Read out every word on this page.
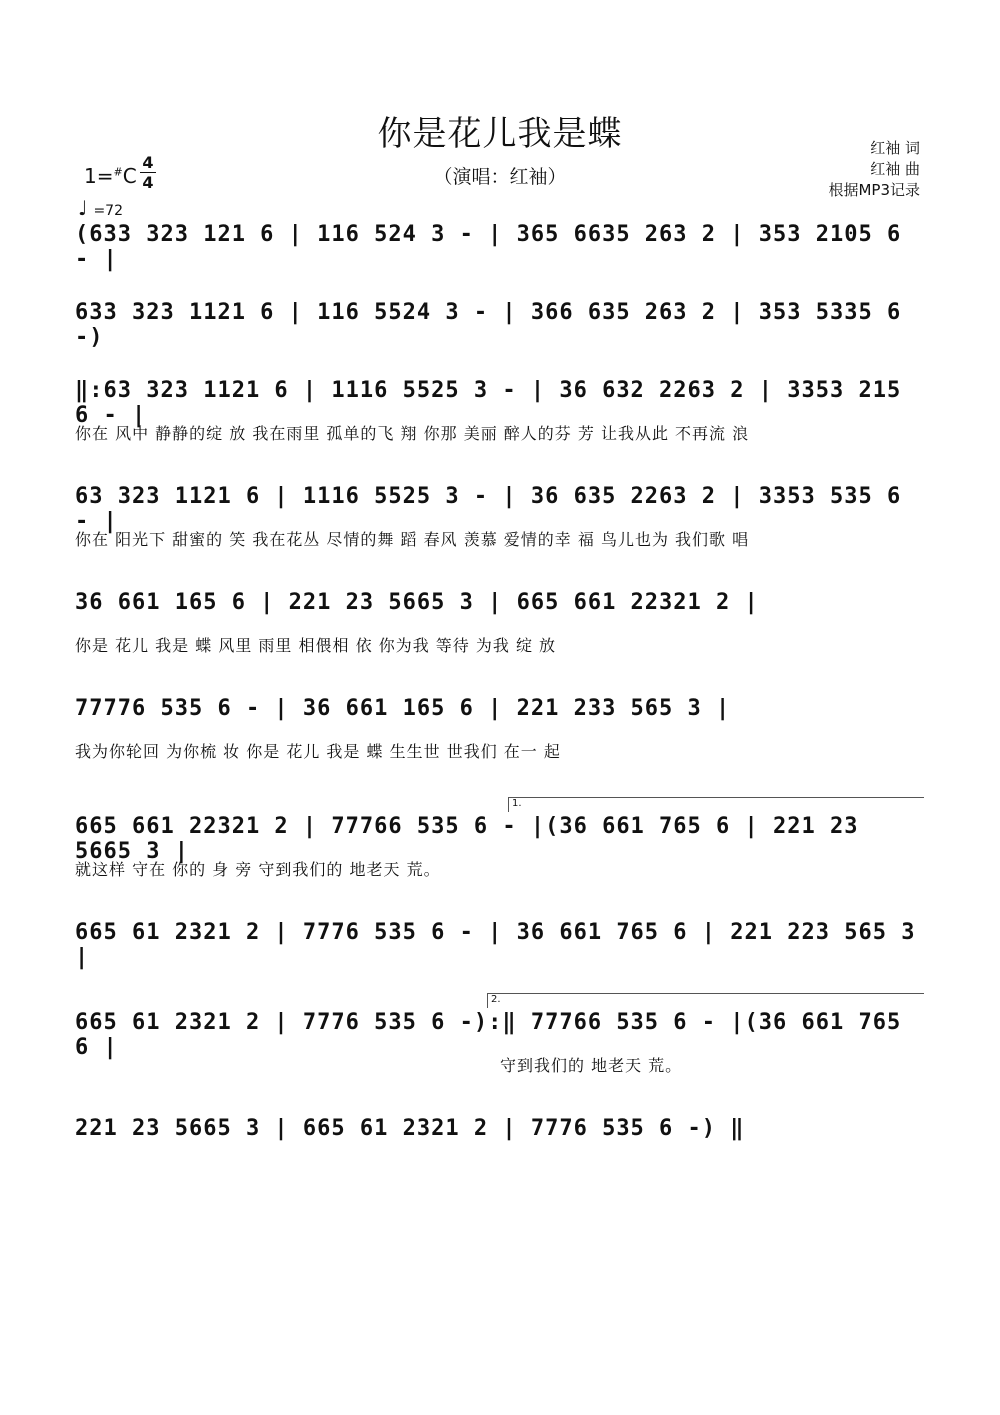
你是花儿我是蝶
（演唱：红袖）
红袖 词
红袖 曲
根据MP3记录
1=#C
4
4
♩ =72
(633 323 121 6 | 116 524 3 - | 365 6635 263 2 | 353 2105 6 - |
633 323 1121 6 | 116 5524 3 - | 366 635 263 2 | 353 5335 6 -)
‖:63 323 1121 6 | 1116 5525 3 - | 36 632 2263 2 | 3353 215 6 - |
你在 风中 静静的绽 放 我在雨里 孤单的飞 翔 你那 美丽 醉人的芬 芳 让我从此 不再流 浪
63 323 1121 6 | 1116 5525 3 - | 36 635 2263 2 | 3353 535 6 - |
你在 阳光下 甜蜜的 笑 我在花丛 尽情的舞 蹈 春风 羡慕 爱情的幸 福 鸟儿也为 我们歌 唱
36 661 165 6 | 221 23 5665 3 | 665 661 22321 2 |
你是 花儿 我是 蝶 风里 雨里 相偎相 依 你为我 等待 为我 绽 放
77776 535 6 - | 36 661 165 6 | 221 233 565 3 |
我为你轮回 为你梳 妆 你是 花儿 我是 蝶 生生世 世我们 在一 起
1.
665 661 22321 2 | 77766 535 6 - |(36 661 765 6 | 221 23 5665 3 |
就这样 守在 你的 身 旁 守到我们的 地老天 荒。
665 61 2321 2 | 7776 535 6 - | 36 661 765 6 | 221 223 565 3 |
2.
665 61 2321 2 | 7776 535 6 -):‖ 77766 535 6 - |(36 661 765 6 |
守到我们的 地老天 荒。
221 23 5665 3 | 665 61 2321 2 | 7776 535 6 -) ‖
